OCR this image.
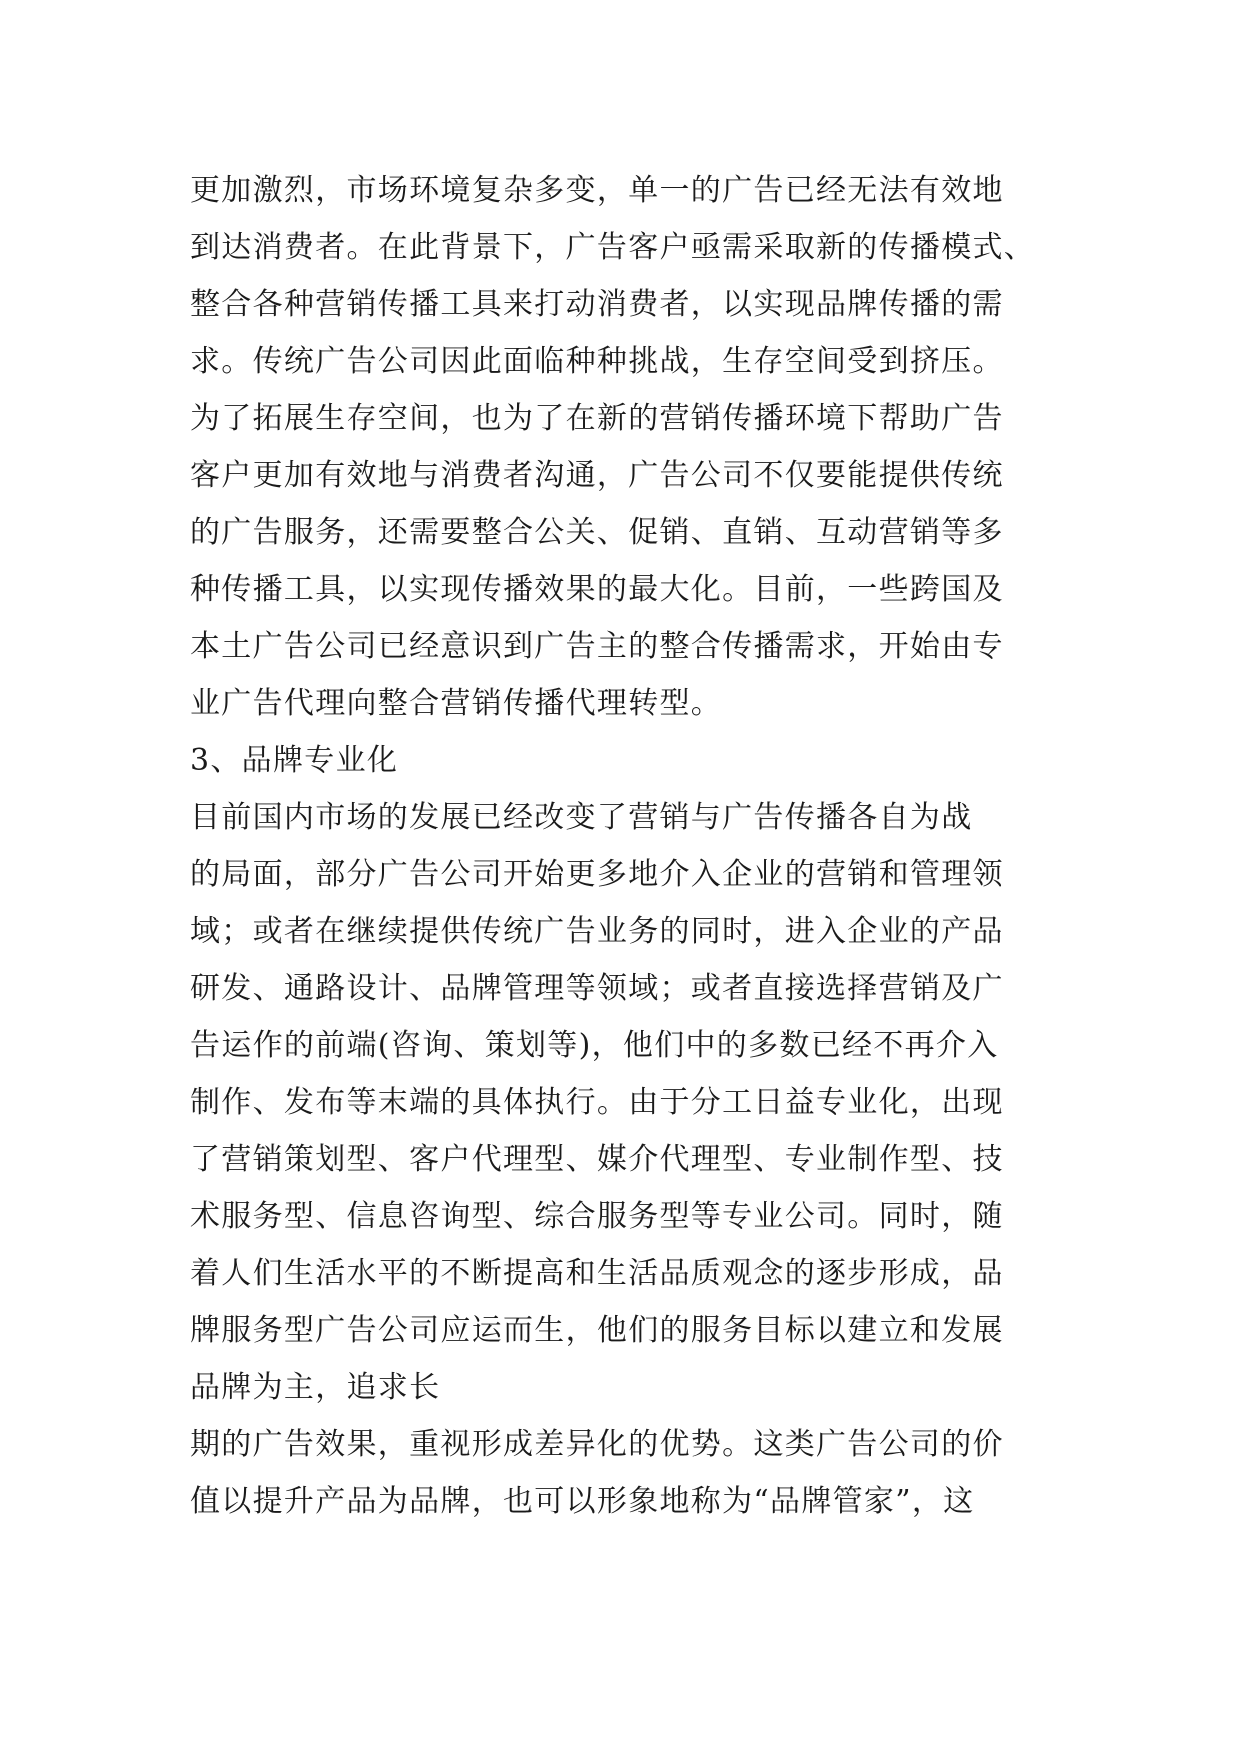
更加激烈，市场环境复杂多变，单一的广告已经无法有效地
到达消费者。在此背景下，广告客户亟需采取新的传播模式、
整合各种营销传播工具来打动消费者，以实现品牌传播的需
求。传统广告公司因此面临种种挑战，生存空间受到挤压。
为了拓展生存空间，也为了在新的营销传播环境下帮助广告
客户更加有效地与消费者沟通，广告公司不仅要能提供传统
的广告服务，还需要整合公关、促销、直销、互动营销等多
种传播工具，以实现传播效果的最大化。目前，一些跨国及
本土广告公司已经意识到广告主的整合传播需求，开始由专
业广告代理向整合营销传播代理转型。
3、品牌专业化
目前国内市场的发展已经改变了营销与广告传播各自为战
的局面，部分广告公司开始更多地介入企业的营销和管理领
域；或者在继续提供传统广告业务的同时，进入企业的产品
研发、通路设计、品牌管理等领域；或者直接选择营销及广
告运作的前端(咨询、策划等)，他们中的多数已经不再介入
制作、发布等末端的具体执行。由于分工日益专业化，出现
了营销策划型、客户代理型、媒介代理型、专业制作型、技
术服务型、信息咨询型、综合服务型等专业公司。同时，随
着人们生活水平的不断提高和生活品质观念的逐步形成，品
牌服务型广告公司应运而生，他们的服务目标以建立和发展
品牌为主，追求长
期的广告效果，重视形成差异化的优势。这类广告公司的价
值以提升产品为品牌，也可以形象地称为“品牌管家”，这
